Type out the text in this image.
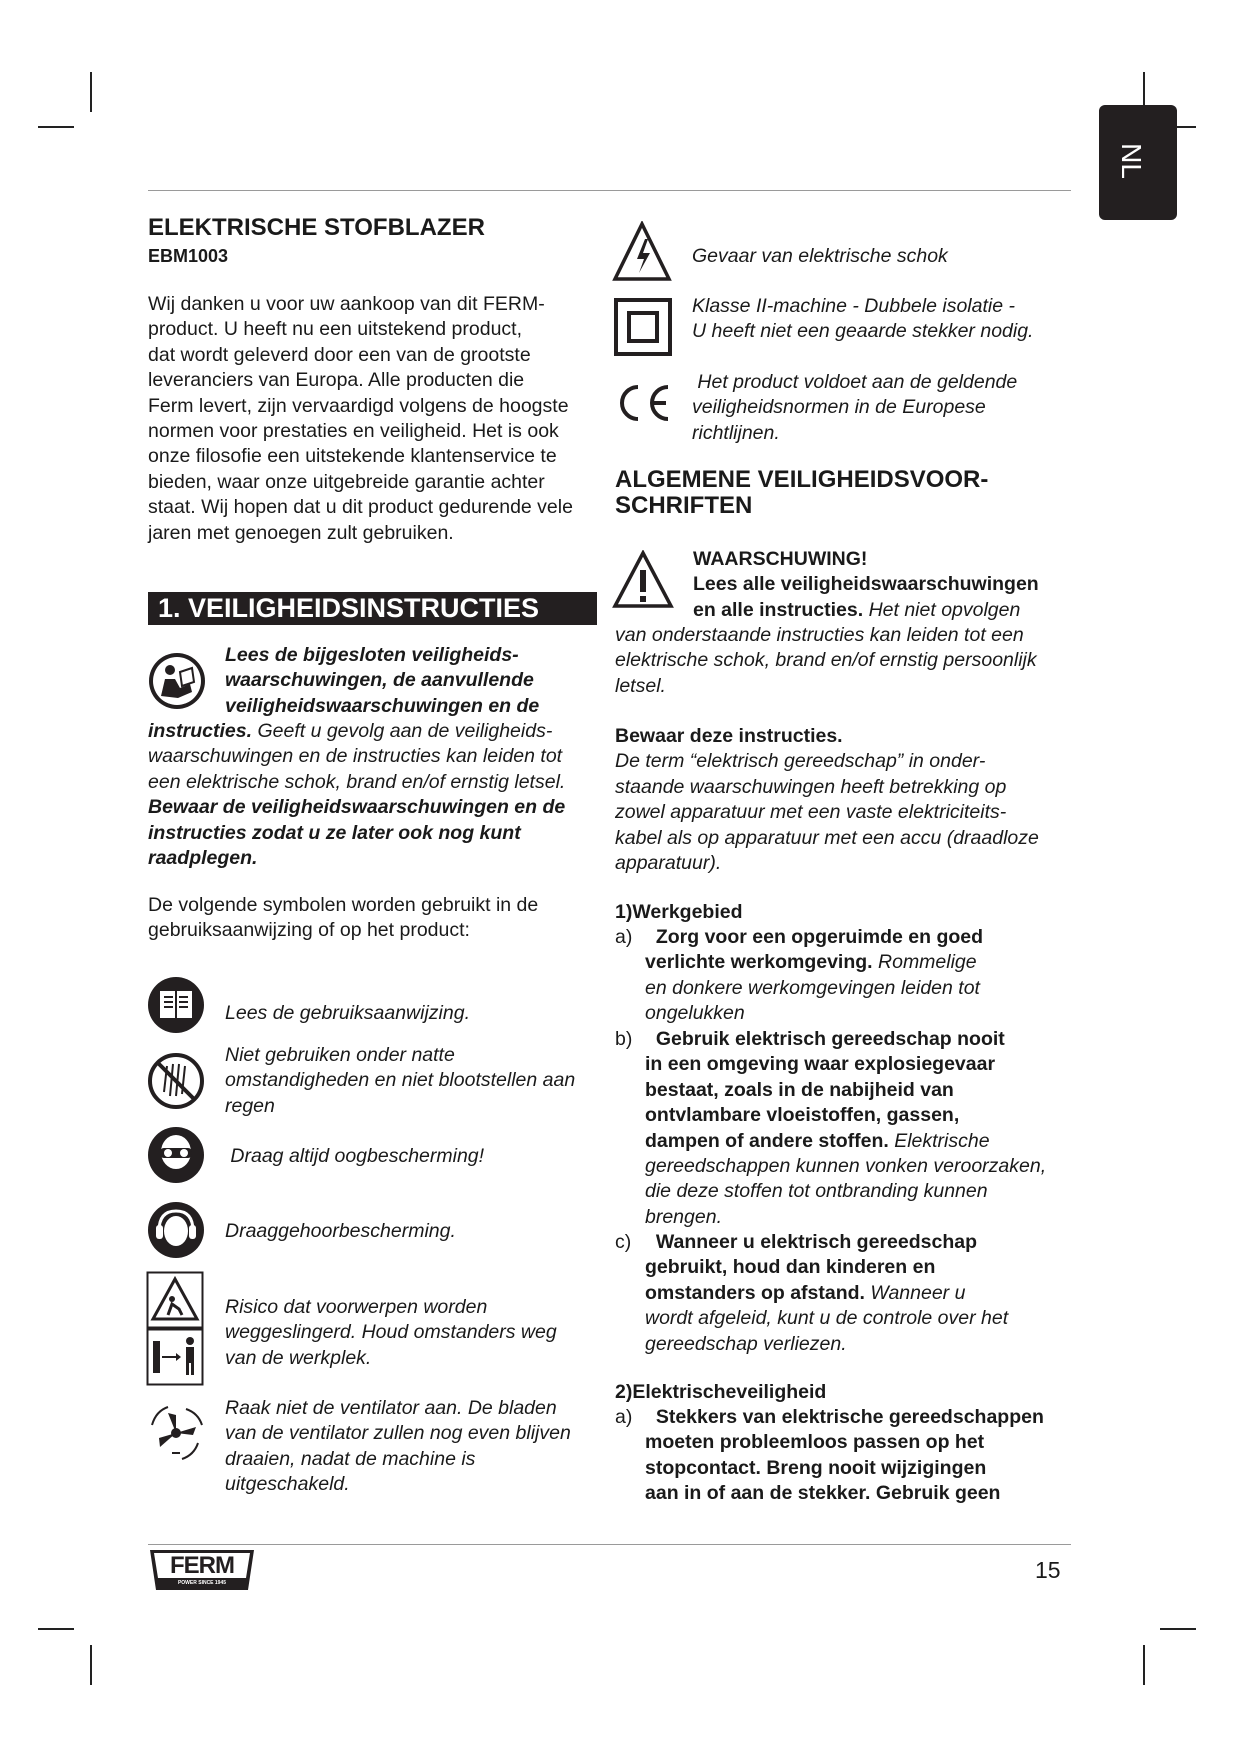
NL
ELEKTRISCHE STOFBLAZER
EBM1003

Wij danken u voor uw aankoop van dit FERM-

product. U heeft nu een uitstekend product,

dat wordt geleverd door een van de grootste

leveranciers van Europa. Alle producten die

Ferm levert, zijn vervaardigd volgens de hoogste

normen voor prestaties en veiligheid. Het is ook

onze filosofie een uitstekende klantenservice te

bieden, waar onze uitgebreide garantie achter

staat. Wij hopen dat u dit product gedurende vele

jaren met genoegen zult gebruiken.

1. VEILIGHEIDSINSTRUCTIES

Lees de bijgesloten veiligheids-

waarschuwingen, de aanvullende

veiligheidswaarschuwingen en de

instructies. Geeft u gevolg aan de veiligheids-

waarschuwingen en de instructies kan leiden tot

een elektrische schok, brand en/of ernstig letsel.

Bewaar de veiligheidswaarschuwingen en de

instructies zodat u ze later ook nog kunt

raadplegen.

De volgende symbolen worden gebruikt in de

gebruiksaanwijzing of op het product:

Lees de gebruiksaanwijzing.

Niet gebruiken onder natte

omstandigheden en niet blootstellen aan

regen

Draag altijd oogbescherming!

Draaggehoorbescherming.

Risico dat voorwerpen worden

weggeslingerd. Houd omstanders weg

van de werkplek.

Raak niet de ventilator aan. De bladen

van de ventilator zullen nog even blijven

draaien, nadat de machine is

uitgeschakeld.

Gevaar van elektrische schok

Klasse II-machine - Dubbele isolatie -

U heeft niet een geaarde stekker nodig.

Het product voldoet aan de geldende

veiligheidsnormen in de Europese

richtlijnen.

ALGEMENE VEILIGHEIDSVOOR-
SCHRIFTEN

WAARSCHUWING!

Lees alle veiligheidswaarschuwingen

en alle instructies. Het niet opvolgen

van onderstaande instructies kan leiden tot een

elektrische schok, brand en/of ernstig persoonlijk

letsel.

Bewaar deze instructies.

De term “elektrisch gereedschap” in onder-

staande waarschuwingen heeft betrekking op

zowel apparatuur met een vaste elektriciteits-

kabel als op apparatuur met een accu (draadloze

apparatuur).

1)Werkgebied
a) Zorg voor een opgeruimde en goed
verlichte werkomgeving. Rommelige
en donkere werkomgevingen leiden tot
ongelukken
b) Gebruik elektrisch gereedschap nooit
in een omgeving waar explosiegevaar
bestaat, zoals in de nabijheid van
ontvlambare vloeistoffen, gassen,
dampen of andere stoffen. Elektrische
gereedschappen kunnen vonken veroorzaken,
die deze stoffen tot ontbranding kunnen
brengen.
c) Wanneer u elektrisch gereedschap
gebruikt, houd dan kinderen en
omstanders op afstand. Wanneer u
wordt afgeleid, kunt u de controle over het
gereedschap verliezen.
2)Elektrischeveiligheid
a) Stekkers van elektrische gereedschappen
moeten probleemloos passen op het
stopcontact. Breng nooit wijzigingen
aan in of aan de stekker. Gebruik geen
FERM
POWER SINCE 1945	15
